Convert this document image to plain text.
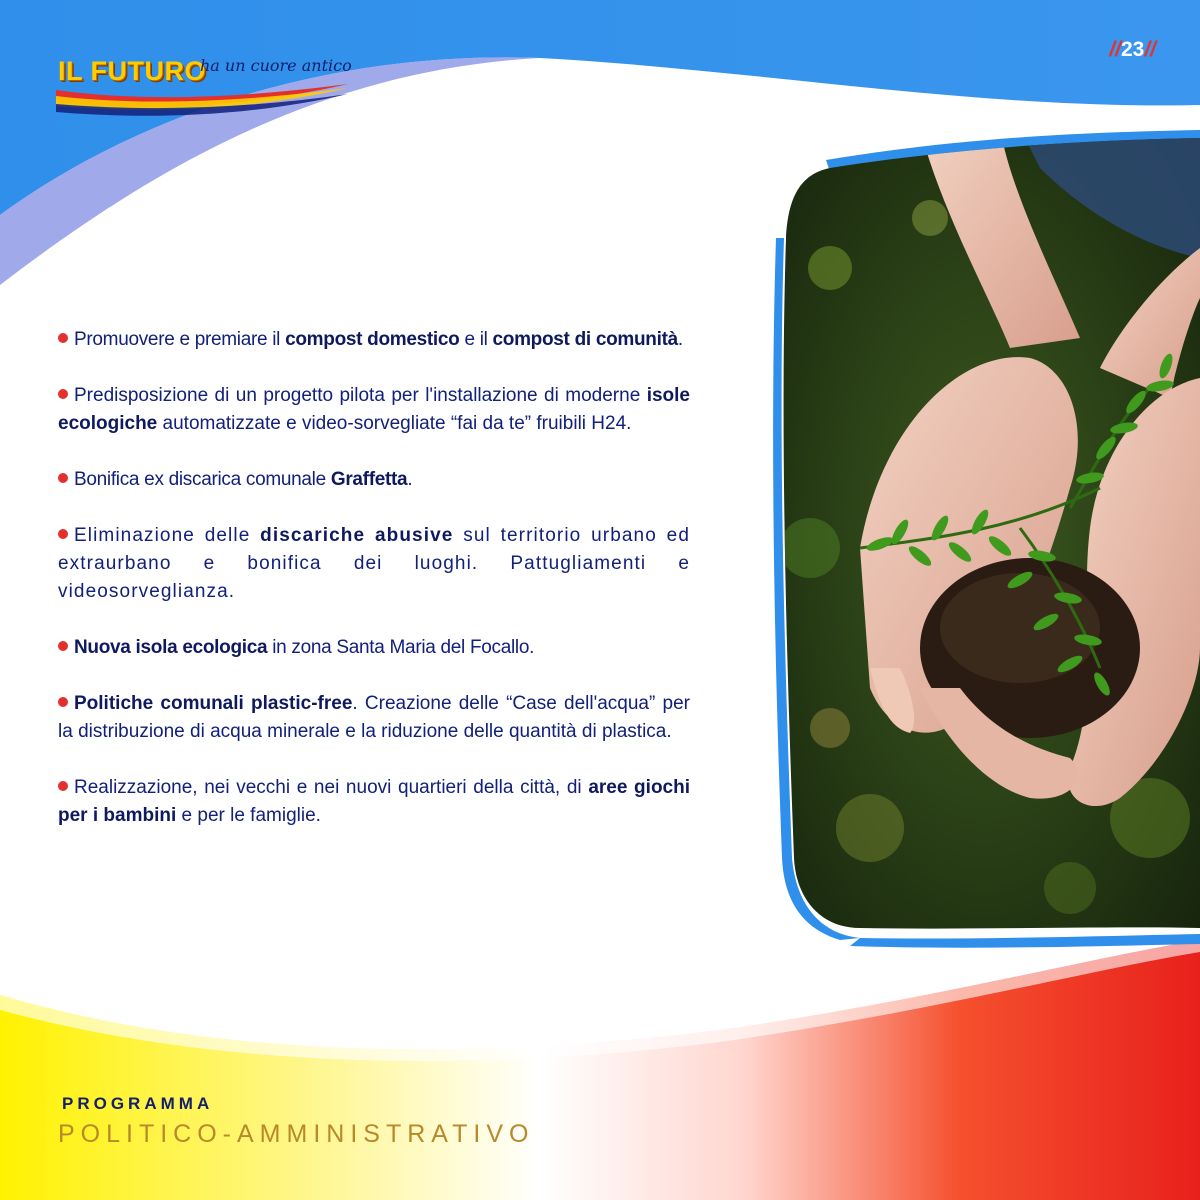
IL FUTURO
ha un cuore antico
//23//

Promuovere e premiare il compost domestico e il compost di comunità.

Predisposizione di un progetto pilota per l'installazione di moderne isole ecologiche automatizzate e video-sorvegliate “fai da te” fruibili H24.

Bonifica ex discarica comunale Graffetta.

Eliminazione delle discariche abusive sul territorio urbano ed extraurbano e bonifica dei luoghi. Pattugliamenti e videosorveglianza.

Nuova isola ecologica in zona Santa Maria del Focallo.

Politiche comunali plastic-free. Creazione delle “Case dell'acqua” per la distribuzione di acqua minerale e la riduzione delle quantità di plastica.

Realizzazione, nei vecchi e nei nuovi quartieri della città, di aree giochi per i bambini e per le famiglie.

PROGRAMMA
POLITICO-AMMINISTRATIVO
